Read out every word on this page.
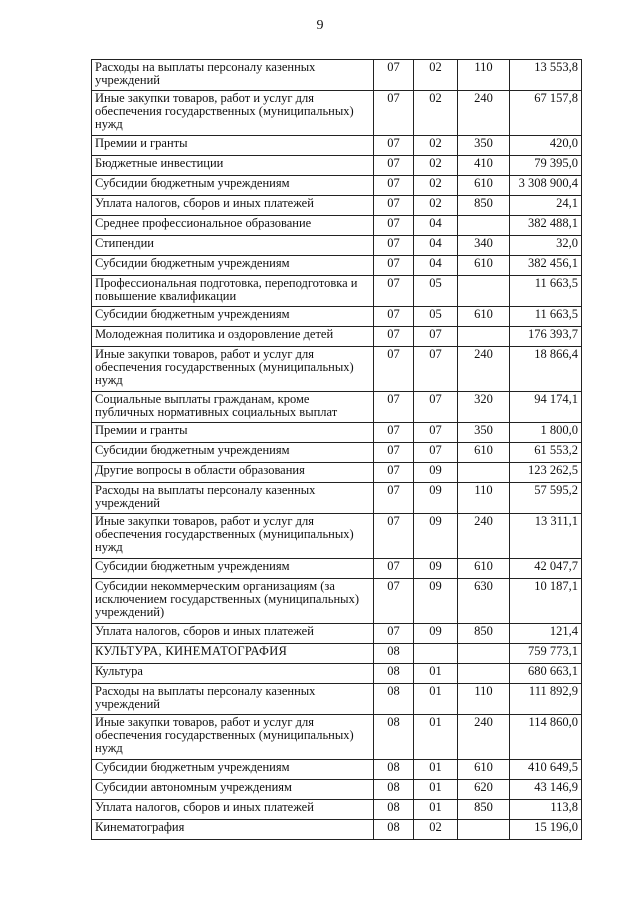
9
Расходы на выплаты персоналу казенных учреждений	07	02	110	13 553,8
Иные закупки товаров, работ и услуг для обеспечения государственных (муниципальных) нужд	07	02	240	67 157,8
Премии и гранты	07	02	350	420,0
Бюджетные инвестиции	07	02	410	79 395,0
Субсидии бюджетным учреждениям	07	02	610	3 308 900,4
Уплата налогов, сборов и иных платежей	07	02	850	24,1
Среднее профессиональное образование	07	04		382 488,1
Стипендии	07	04	340	32,0
Субсидии бюджетным учреждениям	07	04	610	382 456,1
Профессиональная подготовка, переподготовка и повышение квалификации	07	05		11 663,5
Субсидии бюджетным учреждениям	07	05	610	11 663,5
Молодежная политика и оздоровление детей	07	07		176 393,7
Иные закупки товаров, работ и услуг для обеспечения государственных (муниципальных) нужд	07	07	240	18 866,4
Социальные выплаты гражданам, кроме публичных нормативных социальных выплат	07	07	320	94 174,1
Премии и гранты	07	07	350	1 800,0
Субсидии бюджетным учреждениям	07	07	610	61 553,2
Другие вопросы в области образования	07	09		123 262,5
Расходы на выплаты персоналу казенных учреждений	07	09	110	57 595,2
Иные закупки товаров, работ и услуг для обеспечения государственных (муниципальных) нужд	07	09	240	13 311,1
Субсидии бюджетным учреждениям	07	09	610	42 047,7
Субсидии некоммерческим организациям (за исключением государственных (муниципальных) учреждений)	07	09	630	10 187,1
Уплата налогов, сборов и иных платежей	07	09	850	121,4
КУЛЬТУРА, КИНЕМАТОГРАФИЯ	08			759 773,1
Культура	08	01		680 663,1
Расходы на выплаты персоналу казенных учреждений	08	01	110	111 892,9
Иные закупки товаров, работ и услуг для обеспечения государственных (муниципальных) нужд	08	01	240	114 860,0
Субсидии бюджетным учреждениям	08	01	610	410 649,5
Субсидии автономным учреждениям	08	01	620	43 146,9
Уплата налогов, сборов и иных платежей	08	01	850	113,8
Кинематография	08	02		15 196,0
